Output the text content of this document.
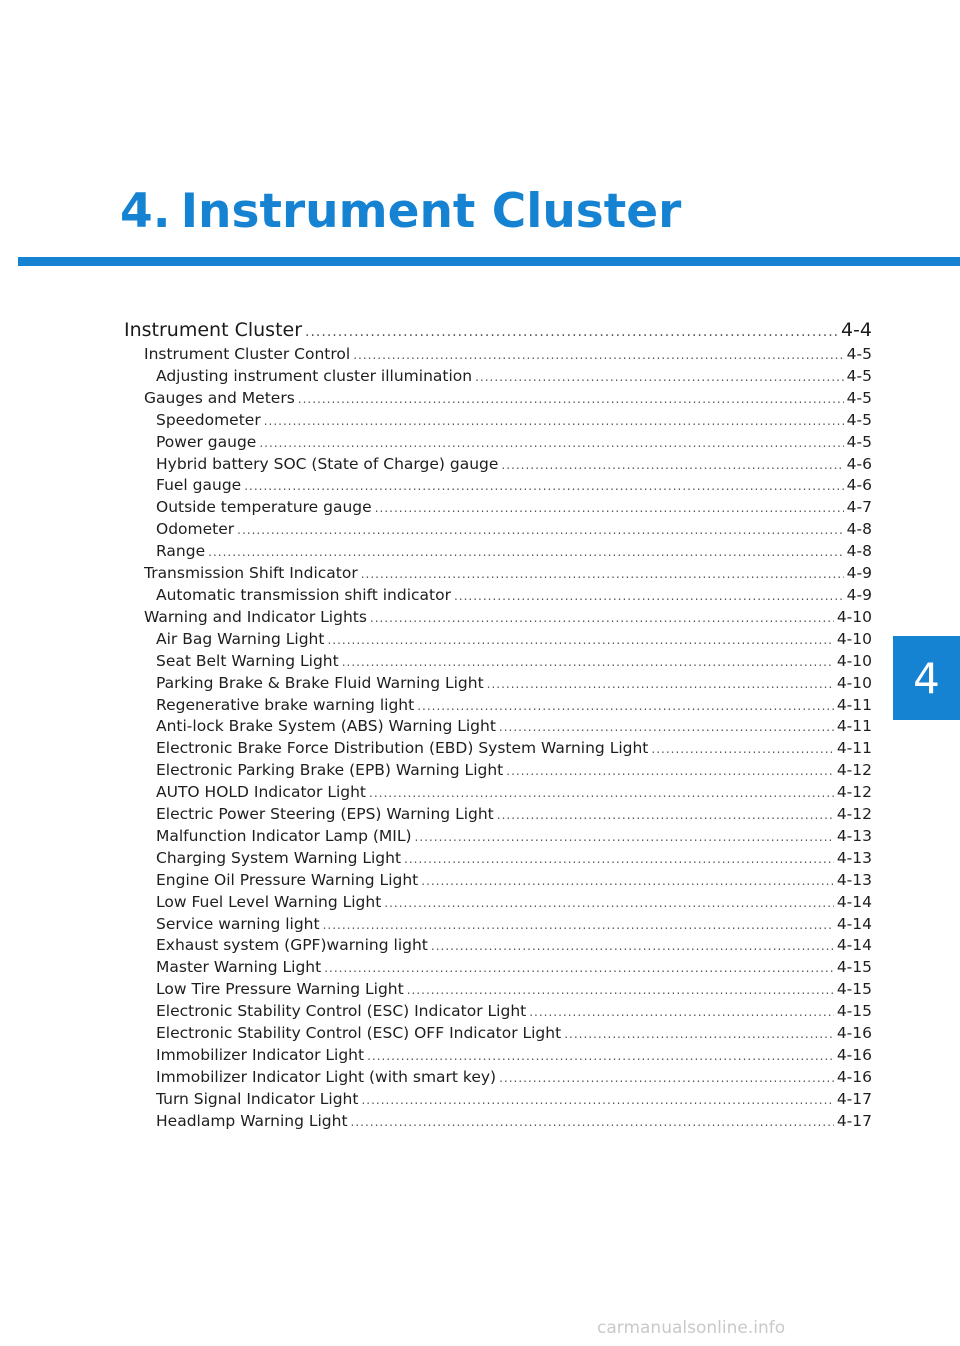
4. Instrument Cluster
Instrument Cluster .....	4-4
Instrument Cluster Control .....	4-5
Adjusting instrument cluster illumination .....	4-5
Gauges and Meters .....	4-5
Speedometer .....	4-5
Power gauge .....	4-5
Hybrid battery SOC (State of Charge) gauge .....	4-6
Fuel gauge .....	4-6
Outside temperature gauge .....	4-7
Odometer .....	4-8
Range .....	4-8
Transmission Shift Indicator .....	4-9
Automatic transmission shift indicator .....	4-9
Warning and Indicator Lights .....	4-10
Air Bag Warning Light .....	4-10
Seat Belt Warning Light .....	4-10
Parking Brake & Brake Fluid Warning Light .....	4-10
Regenerative brake warning light .....	4-11
Anti-lock Brake System (ABS) Warning Light .....	4-11
Electronic Brake Force Distribution (EBD) System Warning Light .....	4-11
Electronic Parking Brake (EPB) Warning Light .....	4-12
AUTO HOLD Indicator Light .....	4-12
Electric Power Steering (EPS) Warning Light .....	4-12
Malfunction Indicator Lamp (MIL) .....	4-13
Charging System Warning Light .....	4-13
Engine Oil Pressure Warning Light .....	4-13
Low Fuel Level Warning Light .....	4-14
Service warning light .....	4-14
Exhaust system (GPF)warning light .....	4-14
Master Warning Light .....	4-15
Low Tire Pressure Warning Light .....	4-15
Electronic Stability Control (ESC) Indicator Light .....	4-15
Electronic Stability Control (ESC) OFF Indicator Light .....	4-16
Immobilizer Indicator Light .....	4-16
Immobilizer Indicator Light (with smart key) .....	4-16
Turn Signal Indicator Light .....	4-17
Headlamp Warning Light .....	4-17
4
carmanualsonline.info
